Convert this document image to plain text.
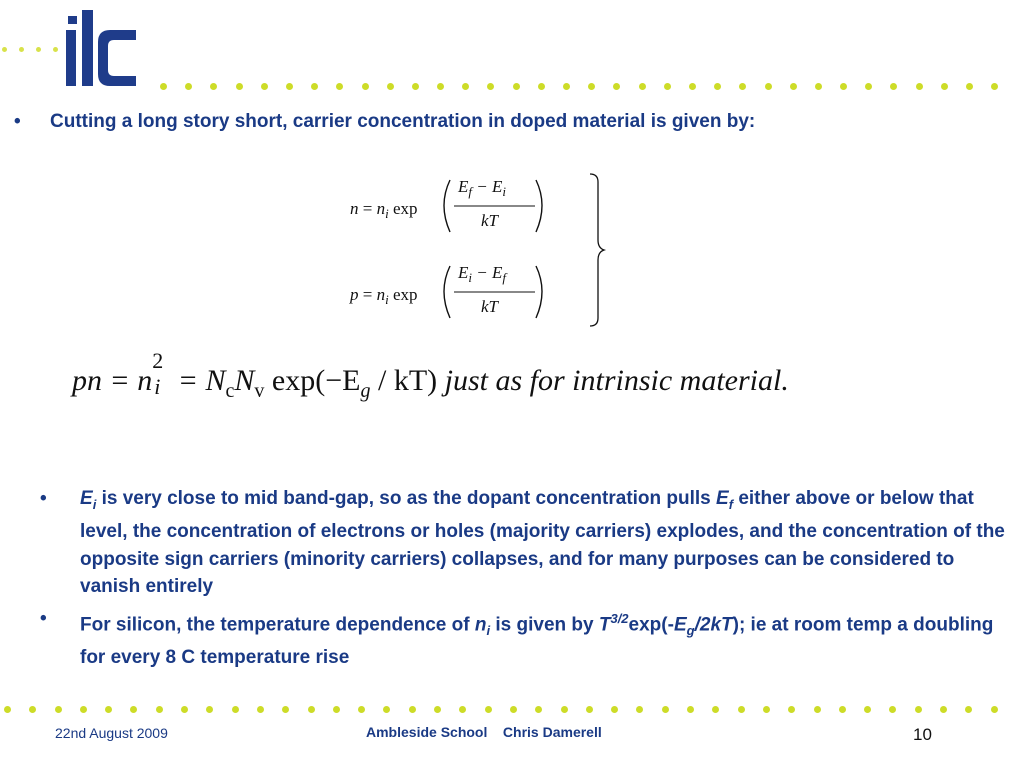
• Cutting a long story short, carrier concentration in doped material is given by:
$n = n_i$ exp
$E_f - E_i$
kT
$p = n_i$ exp
$E_i - E_f$
kT
pn = n
2
$i = N_cN_v$ $\exp(-E_g / kT)$ just as for intrinsic material.
•	$E_i$ is very close to mid band-gap, so as the dopant concentration pulls $E_f$ either above or below that level, the concentration of electrons or holes (majority carriers) explodes, and the concentration of the opposite sign carriers (minority carriers) collapses, and for many purposes can be considered to vanish entirely
•	For silicon, the temperature dependence of $n_i$ is given by $T^{3/2}\exp(-E_g/2kT)$; ie at room temp a doubling for every 8 C temperature rise
22nd August 2009	Ambleside School    Chris Damerell	10
